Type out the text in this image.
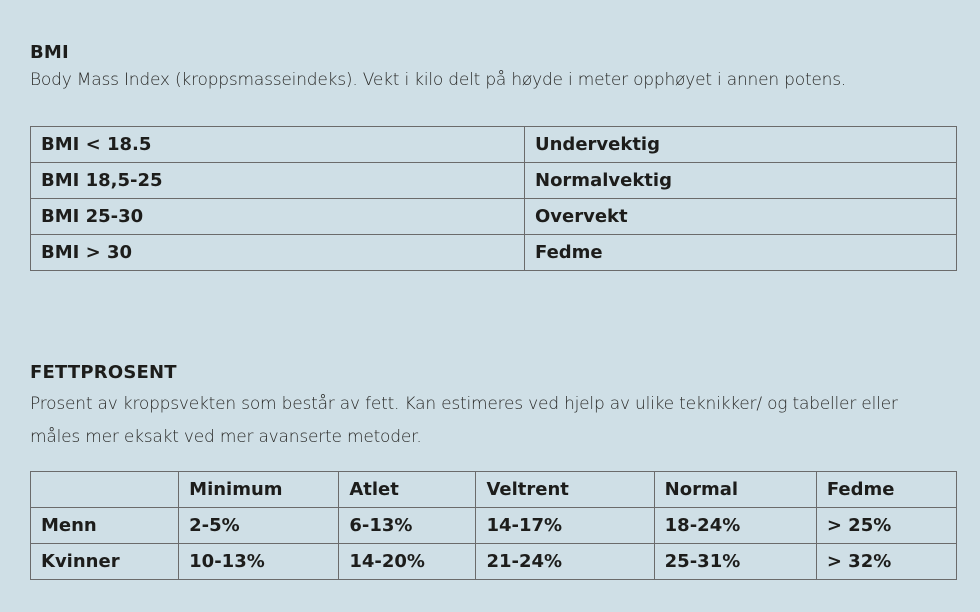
BMI

Body Mass Index (kroppsmasseindeks). Vekt i kilo delt på høyde i meter opphøyet i annen potens.

BMI < 18.5	Undervektig
BMI 18,5-25	Normalvektig
BMI 25-30	Overvekt
BMI > 30	Fedme

FETTPROSENT

Prosent av kroppsvekten som består av fett. Kan estimeres ved hjelp av ulike teknikker/ og tabeller eller

måles mer eksakt ved mer avanserte metoder.

	Minimum	Atlet	Veltrent	Normal	Fedme
Menn	2-5%	6-13%	14-17%	18-24%	> 25%
Kvinner	10-13%	14-20%	21-24%	25-31%	> 32%
